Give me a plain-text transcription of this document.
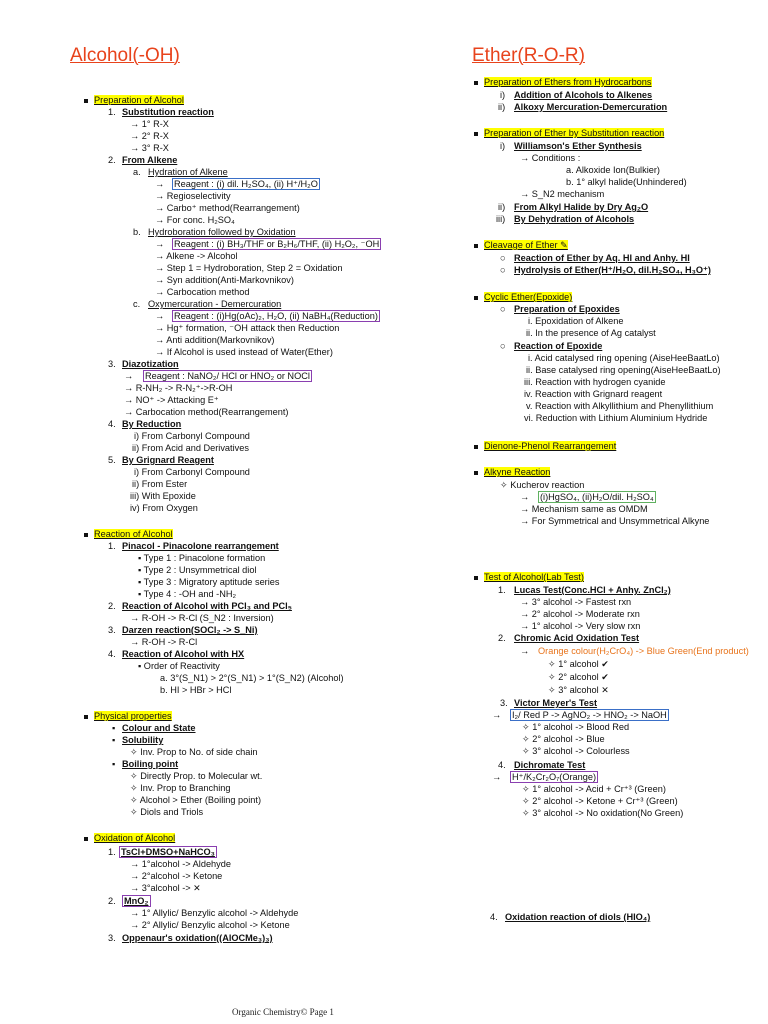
Alcohol(-OH)
Preparation of Alcohol
1. Substitution reaction
→ 1° R-X
→ 2° R-X
→ 3° R-X
2. From Alkene
a. Hydration of Alkene
→ Reagent : (i) dil. H₂SO₄, (ii) H⁺/H₂O
→ Regioselectivity
→ Carbo⁺ method(Rearrangement)
→ For conc. H₂SO₄
b. Hydroboration followed by Oxidation
→ Reagent : (i) BH₃/THF or B₂H₆/THF, (ii) H₂O₂, ⁻OH
→ Alkene -> Alcohol
→ Step 1 = Hydroboration, Step 2 = Oxidation
→ Syn addition(Anti-Markovnikov)
→ Carbocation method
c. Oxymercuration - Demercuration
→ Reagent : (i)Hg(oAc)₂, H₂O, (ii) NaBH₄(Reduction)
→ Hg⁺ formation, ⁻OH attack then Reduction
→ Anti addition(Markovnikov)
→ If Alcohol is used instead of Water(Ether)
3. Diazotization
→ Reagent : NaNO₂/ HCl or HNO₂ or NOCl
→ R-NH₂ -> R-N₂⁺->R-OH
→ NO⁺ -> Attacking E⁺
→ Carbocation method(Rearrangement)
4. By Reduction
i) From Carbonyl Compound
ii) From Acid and Derivatives
5. By Grignard Reagent
i) From Carbonyl Compound
ii) From Ester
iii) With Epoxide
iv) From Oxygen
Reaction of Alcohol
1. Pinacol - Pinacolone rearrangement
▪ Type 1 : Pinacolone formation
▪ Type 2 : Unsymmetrical diol
▪ Type 3 : Migratory aptitude series
▪ Type 4 : -OH and -NH₂
2. Reaction of Alcohol with PCl₃ and PCl₅
→ R-OH -> R-Cl (S_N2 : Inversion)
3. Darzen reaction(SOCl₂ -> S_Ni)
→ R-OH -> R-Cl
4. Reaction of Alcohol with HX
▪ Order of Reactivity
a. 3°(S_N1) > 2°(S_N1) > 1°(S_N2) (Alcohol)
b. HI > HBr > HCl
Physical properties
▪ Colour and State
▪ Solubility
✧ Inv. Prop to No. of side chain
▪ Boiling point
✧ Directly Prop. to Molecular wt.
✧ Inv. Prop to Branching
✧ Alcohol > Ether (Boiling point)
✧ Diols and Triols
Oxidation of Alcohol
1. TsCl+DMSO+NaHCO₃
→ 1°alcohol -> Aldehyde
→ 2°alcohol -> Ketone
→ 3°alcohol -> ✕
2. MnO₂
→ 1° Allylic/ Benzylic alcohol -> Aldehyde
→ 2° Allylic/ Benzylic alcohol -> Ketone
3. Oppenaur's oxidation((AlOCMe₃)₃)
Ether(R-O-R)
Preparation of Ethers from Hydrocarbons
i) Addition of Alcohols to Alkenes
ii) Alkoxy Mercuration-Demercuration
Preparation of Ether by Substitution reaction
i) Williamson's Ether Synthesis
→ Conditions :
a. Alkoxide Ion(Bulkier)
b. 1° alkyl halide(Unhindered)
→ S_N2 mechanism
ii) From Alkyl Halide by Dry Ag₂O
iii) By Dehydration of Alcohols
Cleavage of Ether ✎
○ Reaction of Ether by Aq. HI and Anhy. HI
○ Hydrolysis of Ether(H⁺/H₂O, dil.H₂SO₄, H₃O⁺)
Cyclic Ether(Epoxide)
○ Preparation of Epoxides
i. Epoxidation of Alkene
ii. In the presence of Ag catalyst
○ Reaction of Epoxide
i. Acid catalysed ring opening (AiseHeeBaatLo)
ii. Base catalysed ring opening(AiseHeeBaatLo)
iii. Reaction with hydrogen cyanide
iv. Reaction with Grignard reagent
v. Reaction with Alkyllithium and Phenyllithium
vi. Reduction with Lithium Aluminium Hydride
Dienone-Phenol Rearrangement
Alkyne Reaction
✧ Kucherov reaction
→ (i)HgSO₄, (ii)H₂O/dil. H₂SO₄
→ Mechanism same as OMDM
→ For Symmetrical and Unsymmetrical Alkyne
Test of Alcohol(Lab Test)
1. Lucas Test(Conc.HCl + Anhy. ZnCl₂)
→ 3° alcohol -> Fastest rxn
→ 2° alcohol -> Moderate rxn
→ 1° alcohol -> Very slow rxn
2. Chromic Acid Oxidation Test
→ Orange colour(H₂CrO₄) -> Blue Green(End product)
✧ 1° alcohol ✔
✧ 2° alcohol ✔
✧ 3° alcohol ✕
3. Victor Meyer's Test
→ I₂/ Red P -> AgNO₂ -> HNO₂ -> NaOH
✧ 1° alcohol -> Blood Red
✧ 2° alcohol -> Blue
✧ 3° alcohol -> Colourless
4. Dichromate Test
→ H⁺/K₂Cr₂O₇(Orange)
✧ 1° alcohol -> Acid + Cr⁺³ (Green)
✧ 2° alcohol -> Ketone + Cr⁺³ (Green)
✧ 3° alcohol -> No oxidation(No Green)
4. Oxidation reaction of diols (HIO₄)
Organic Chemistry© Page 1
